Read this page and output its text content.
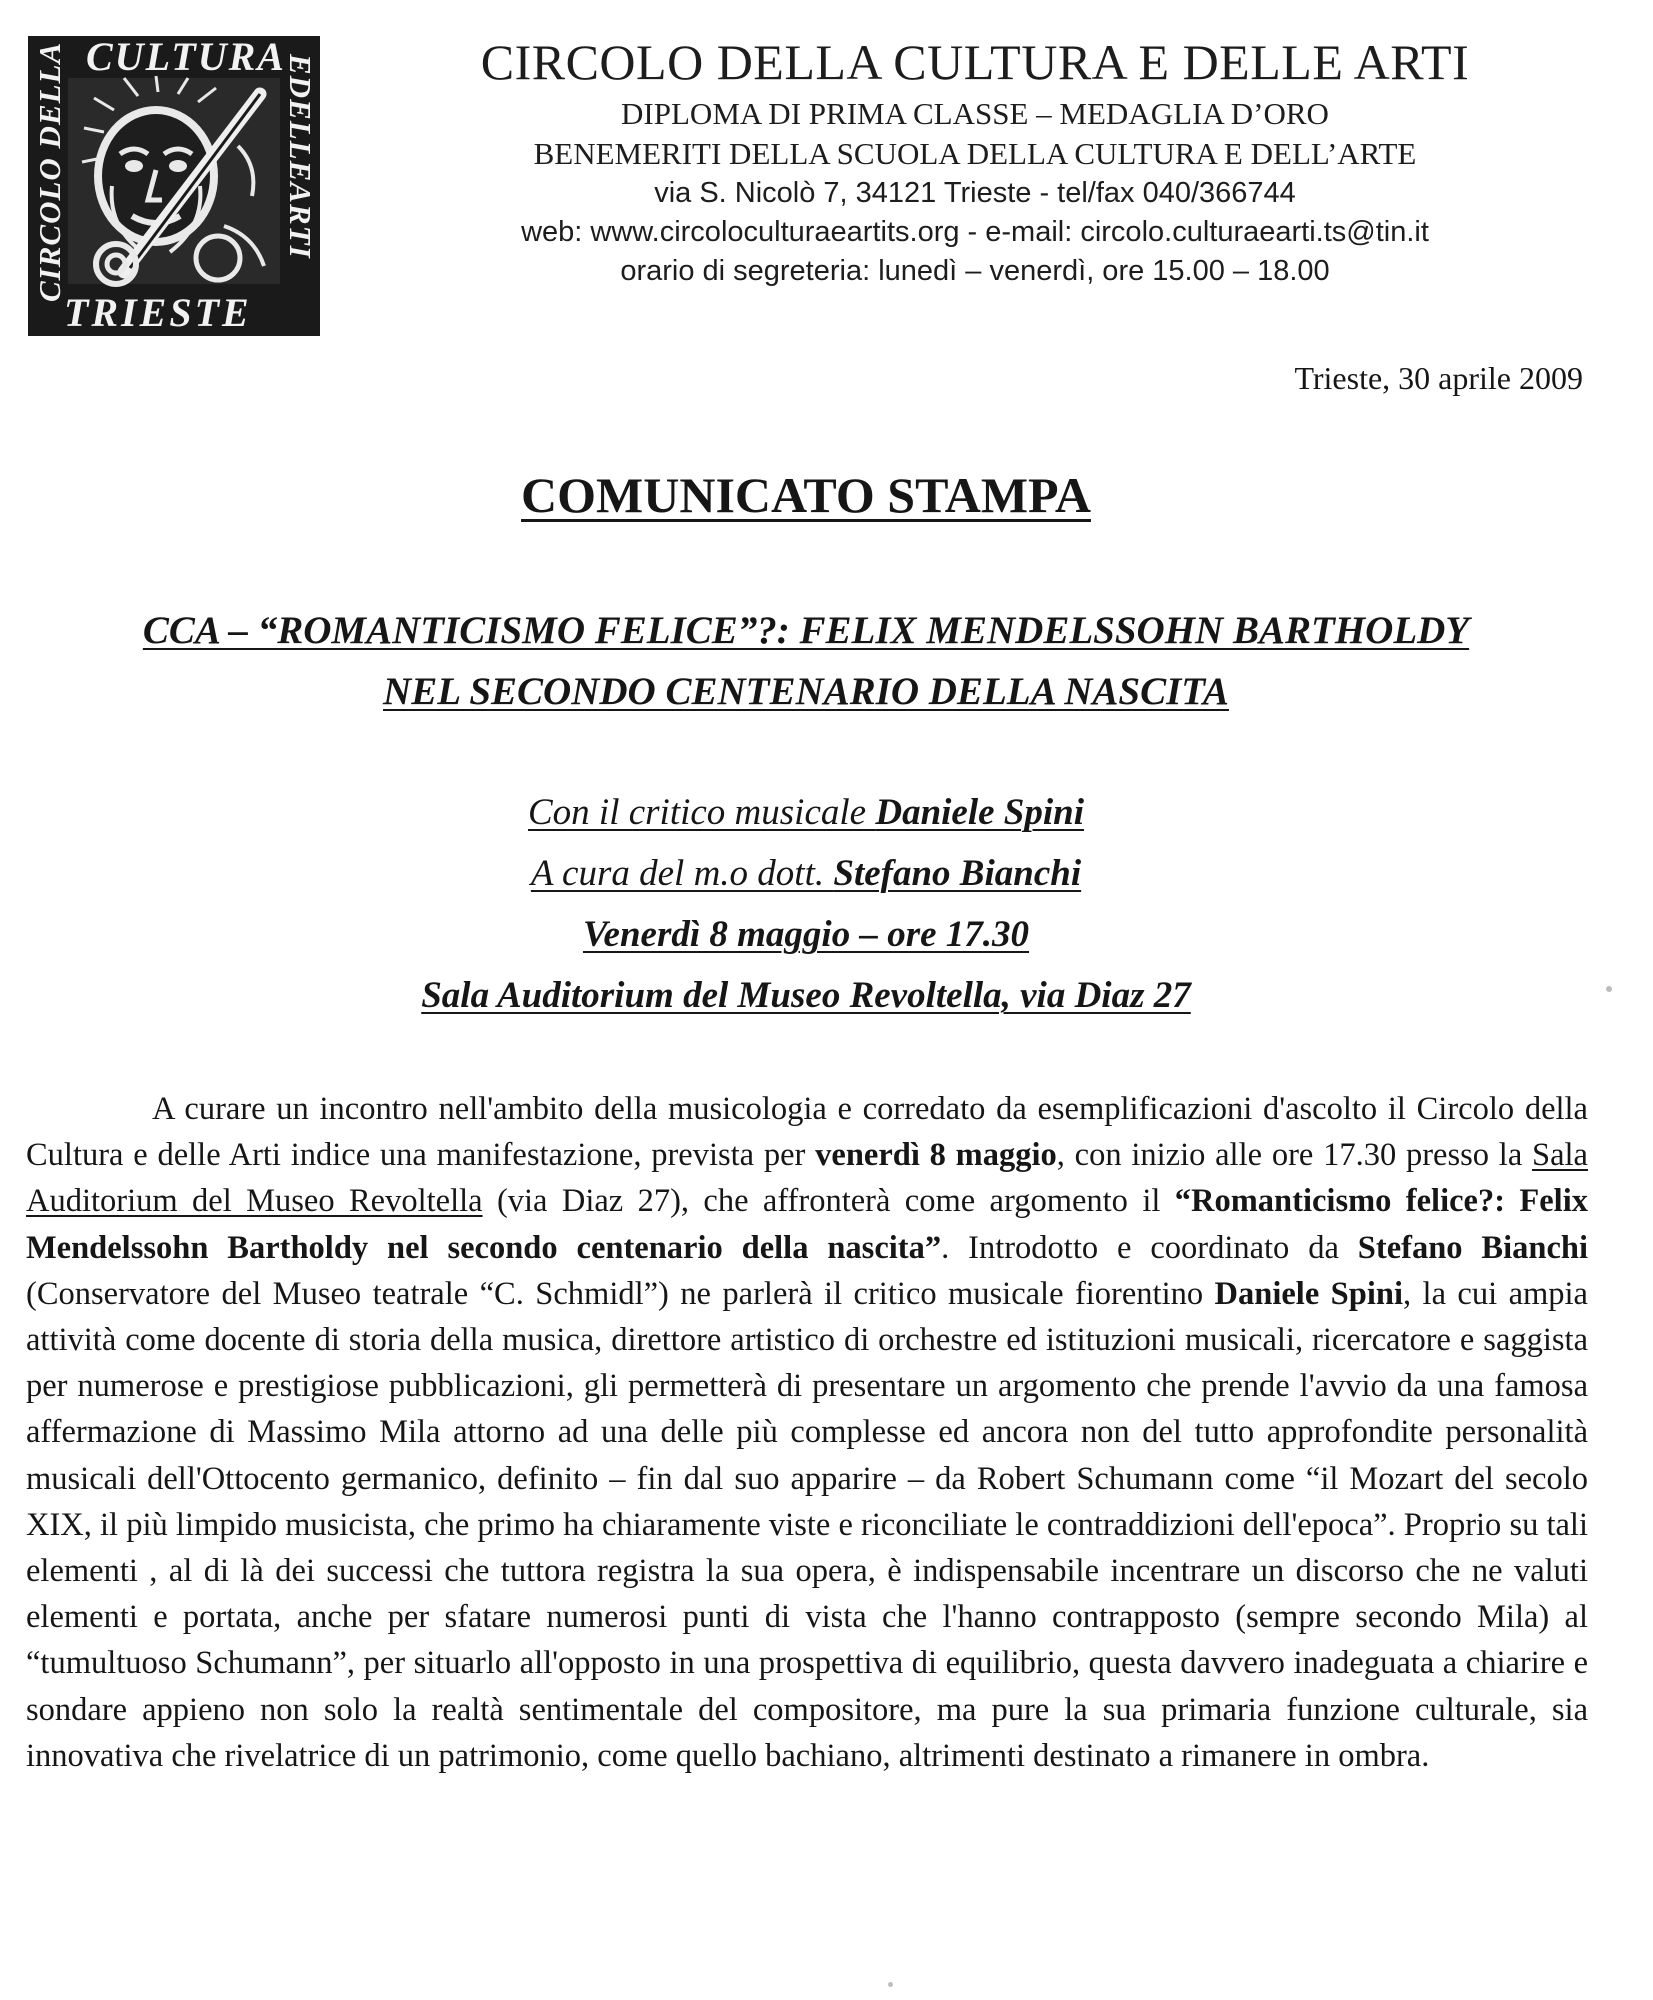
CULTURA
CIRCOLO DELLA	EDELLEARTI
TRIESTE
CIRCOLO DELLA CULTURA E DELLE ARTI
DIPLOMA DI PRIMA CLASSE – MEDAGLIA D’ORO
BENEMERITI DELLA SCUOLA DELLA CULTURA E DELL’ARTE
via S. Nicolò 7, 34121 Trieste - tel/fax 040/366744
web: www.circoloculturaeartits.org - e-mail: circolo.culturaearti.ts@tin.it
orario di segreteria: lunedì – venerdì, ore 15.00 – 18.00
Trieste, 30 aprile 2009
COMUNICATO STAMPA
CCA – “ROMANTICISMO FELICE”?: FELIX MENDELSSOHN BARTHOLDY
NEL SECONDO CENTENARIO DELLA NASCITA
Con il critico musicale Daniele Spini
A cura del m.o dott. Stefano Bianchi
Venerdì 8 maggio – ore 17.30
Sala Auditorium del Museo Revoltella, via Diaz 27

A curare un incontro nell'ambito della musicologia e corredato da esemplificazioni d'ascolto il Circolo della Cultura e delle Arti indice una manifestazione, prevista per venerdì 8 maggio, con inizio alle ore 17.30 presso la Sala Auditorium del Museo Revoltella (via Diaz 27), che affronterà come argomento il “Romanticismo felice?: Felix Mendelssohn Bartholdy nel secondo centenario della nascita”. Introdotto e coordinato da Stefano Bianchi (Conservatore del Museo teatrale “C. Schmidl”) ne parlerà il critico musicale fiorentino Daniele Spini, la cui ampia attività come docente di storia della musica, direttore artistico di orchestre ed istituzioni musicali, ricercatore e saggista per numerose e prestigiose pubblicazioni, gli permetterà di presentare un argomento che prende l'avvio da una famosa affermazione di Massimo Mila attorno ad una delle più complesse ed ancora non del tutto approfondite personalità musicali dell'Ottocento germanico, definito – fin dal suo apparire – da Robert Schumann come “il Mozart del secolo XIX, il più limpido musicista, che primo ha chiaramente viste e riconciliate le contraddizioni dell'epoca”. Proprio su tali elementi , al di là dei successi che tuttora registra la sua opera, è indispensabile incentrare un discorso che ne valuti elementi e portata, anche per sfatare numerosi punti di vista che l'hanno contrapposto (sempre secondo Mila) al “tumultuoso Schumann”, per situarlo all'opposto in una prospettiva di equilibrio, questa davvero inadeguata a chiarire e sondare appieno non solo la realtà sentimentale del compositore, ma pure la sua primaria funzione culturale, sia innovativa che rivelatrice di un patrimonio, come quello bachiano, altrimenti destinato a rimanere in ombra.
